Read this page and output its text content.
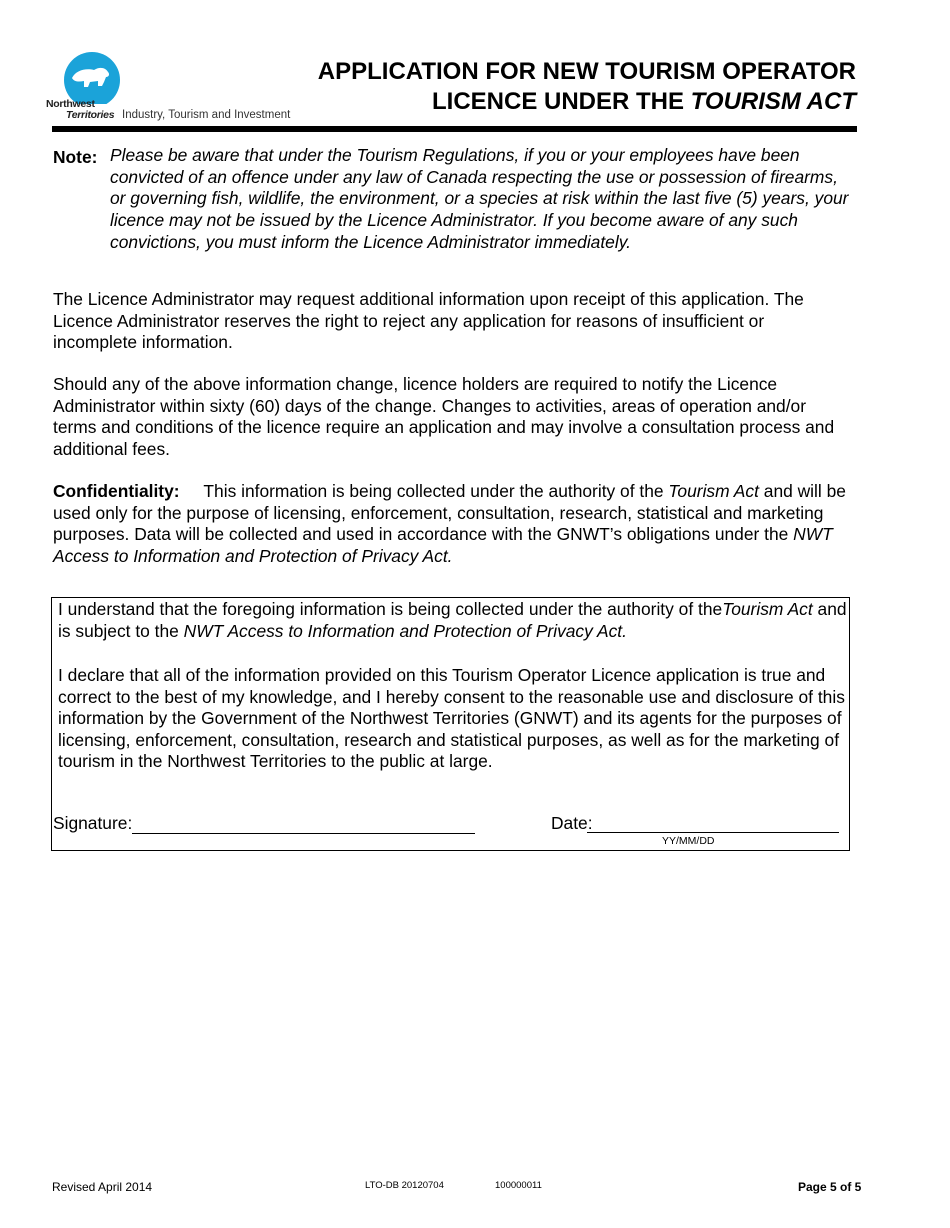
Northwest
Territories Industry, Tourism and Investment
APPLICATION FOR NEW TOURISM OPERATOR
LICENCE UNDER THE TOURISM ACT
Note: Please be aware that under the Tourism Regulations, if you or your employees have been convicted of an offence under any law of Canada respecting the use or possession of firearms, or governing fish, wildlife, the environment, or a species at risk within the last five (5) years, your licence may not be issued by the Licence Administrator. If you become aware of any such convictions, you must inform the Licence Administrator immediately.
The Licence Administrator may request additional information upon receipt of this application. The Licence Administrator reserves the right to reject any application for reasons of insufficient or incomplete information.
Should any of the above information change, licence holders are required to notify the Licence Administrator within sixty (60) days of the change. Changes to activities, areas of operation and/or terms and conditions of the licence require an application and may involve a consultation process and additional fees.
Confidentiality: This information is being collected under the authority of the Tourism Act and will be used only for the purpose of licensing, enforcement, consultation, research, statistical and marketing purposes. Data will be collected and used in accordance with the GNWT’s obligations under the NWT Access to Information and Protection of Privacy Act.
I understand that the foregoing information is being collected under the authority of theTourism Act and is subject to the NWT Access to Information and Protection of Privacy Act.
I declare that all of the information provided on this Tourism Operator Licence application is true and correct to the best of my knowledge, and I hereby consent to the reasonable use and disclosure of this information by the Government of the Northwest Territories (GNWT) and its agents for the purposes of licensing, enforcement, consultation, research and statistical purposes, as well as for the marketing of tourism in the Northwest Territories to the public at large.
Signature:	Date:
YY/MM/DD
Revised April 2014	LTO-DB 20120704	100000011	Page 5 of 5
